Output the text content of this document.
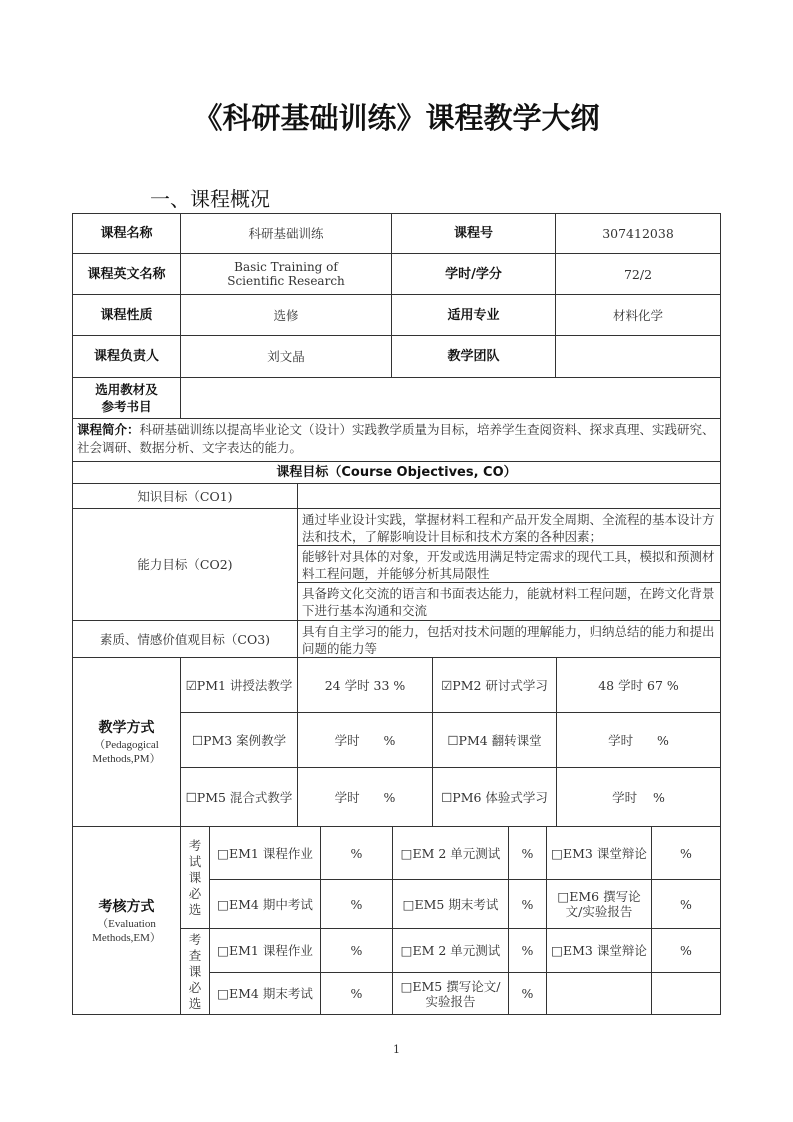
《科研基础训练》课程教学大纲
一、课程概况
课程名称	科研基础训练	课程号	307412038
课程英文名称	Basic Training of Scientific Research	学时/学分	72/2
课程性质	选修	适用专业	材料化学
课程负责人	刘文晶	教学团队
选用教材及
参考书目
课程简介：科研基础训练以提高毕业论文（设计）实践教学质量为目标，培养学生查阅资料、探求真理、实践研究、社会调研、数据分析、文字表达的能力。
课程目标（Course Objectives, CO）
知识目标（CO1)
能力目标（CO2)
通过毕业设计实践，掌握材料工程和产品开发全周期、全流程的基本设计方法和技术，了解影响设计目标和技术方案的各种因素；
能够针对具体的对象，开发或选用满足特定需求的现代工具，模拟和预测材料工程问题，并能够分析其局限性
具备跨文化交流的语言和书面表达能力，能就材料工程问题，在跨文化背景下进行基本沟通和交流
素质、情感价值观目标（CO3)	具有自主学习的能力，包括对技术问题的理解能力，归纳总结的能力和提出问题的能力等
教学方式
（Pedagogical
Methods,PM）
☑PM1 讲授法教学	24 学时 33 %	☑PM2 研讨式学习	48 学时 67 %
☐PM3 案例教学	学时      %	☐PM4 翻转课堂	学时      %
☐PM5 混合式教学	学时      %	☐PM6 体验式学习	学时    %
考核方式
（Evaluation
Methods,EM）
考
试
课
必
选
考
查
课
必
选
□EM1 课程作业	%	□EM 2 单元测试	%	□EM3 课堂辩论	%
□EM4 期中考试	%	□EM5 期末考试	%	□EM6 撰写论文/实验报告	%
□EM1 课程作业	%	□EM 2 单元测试	%	□EM3 课堂辩论	%
□EM4 期末考试	%	□EM5 撰写论文/实验报告	%
1
